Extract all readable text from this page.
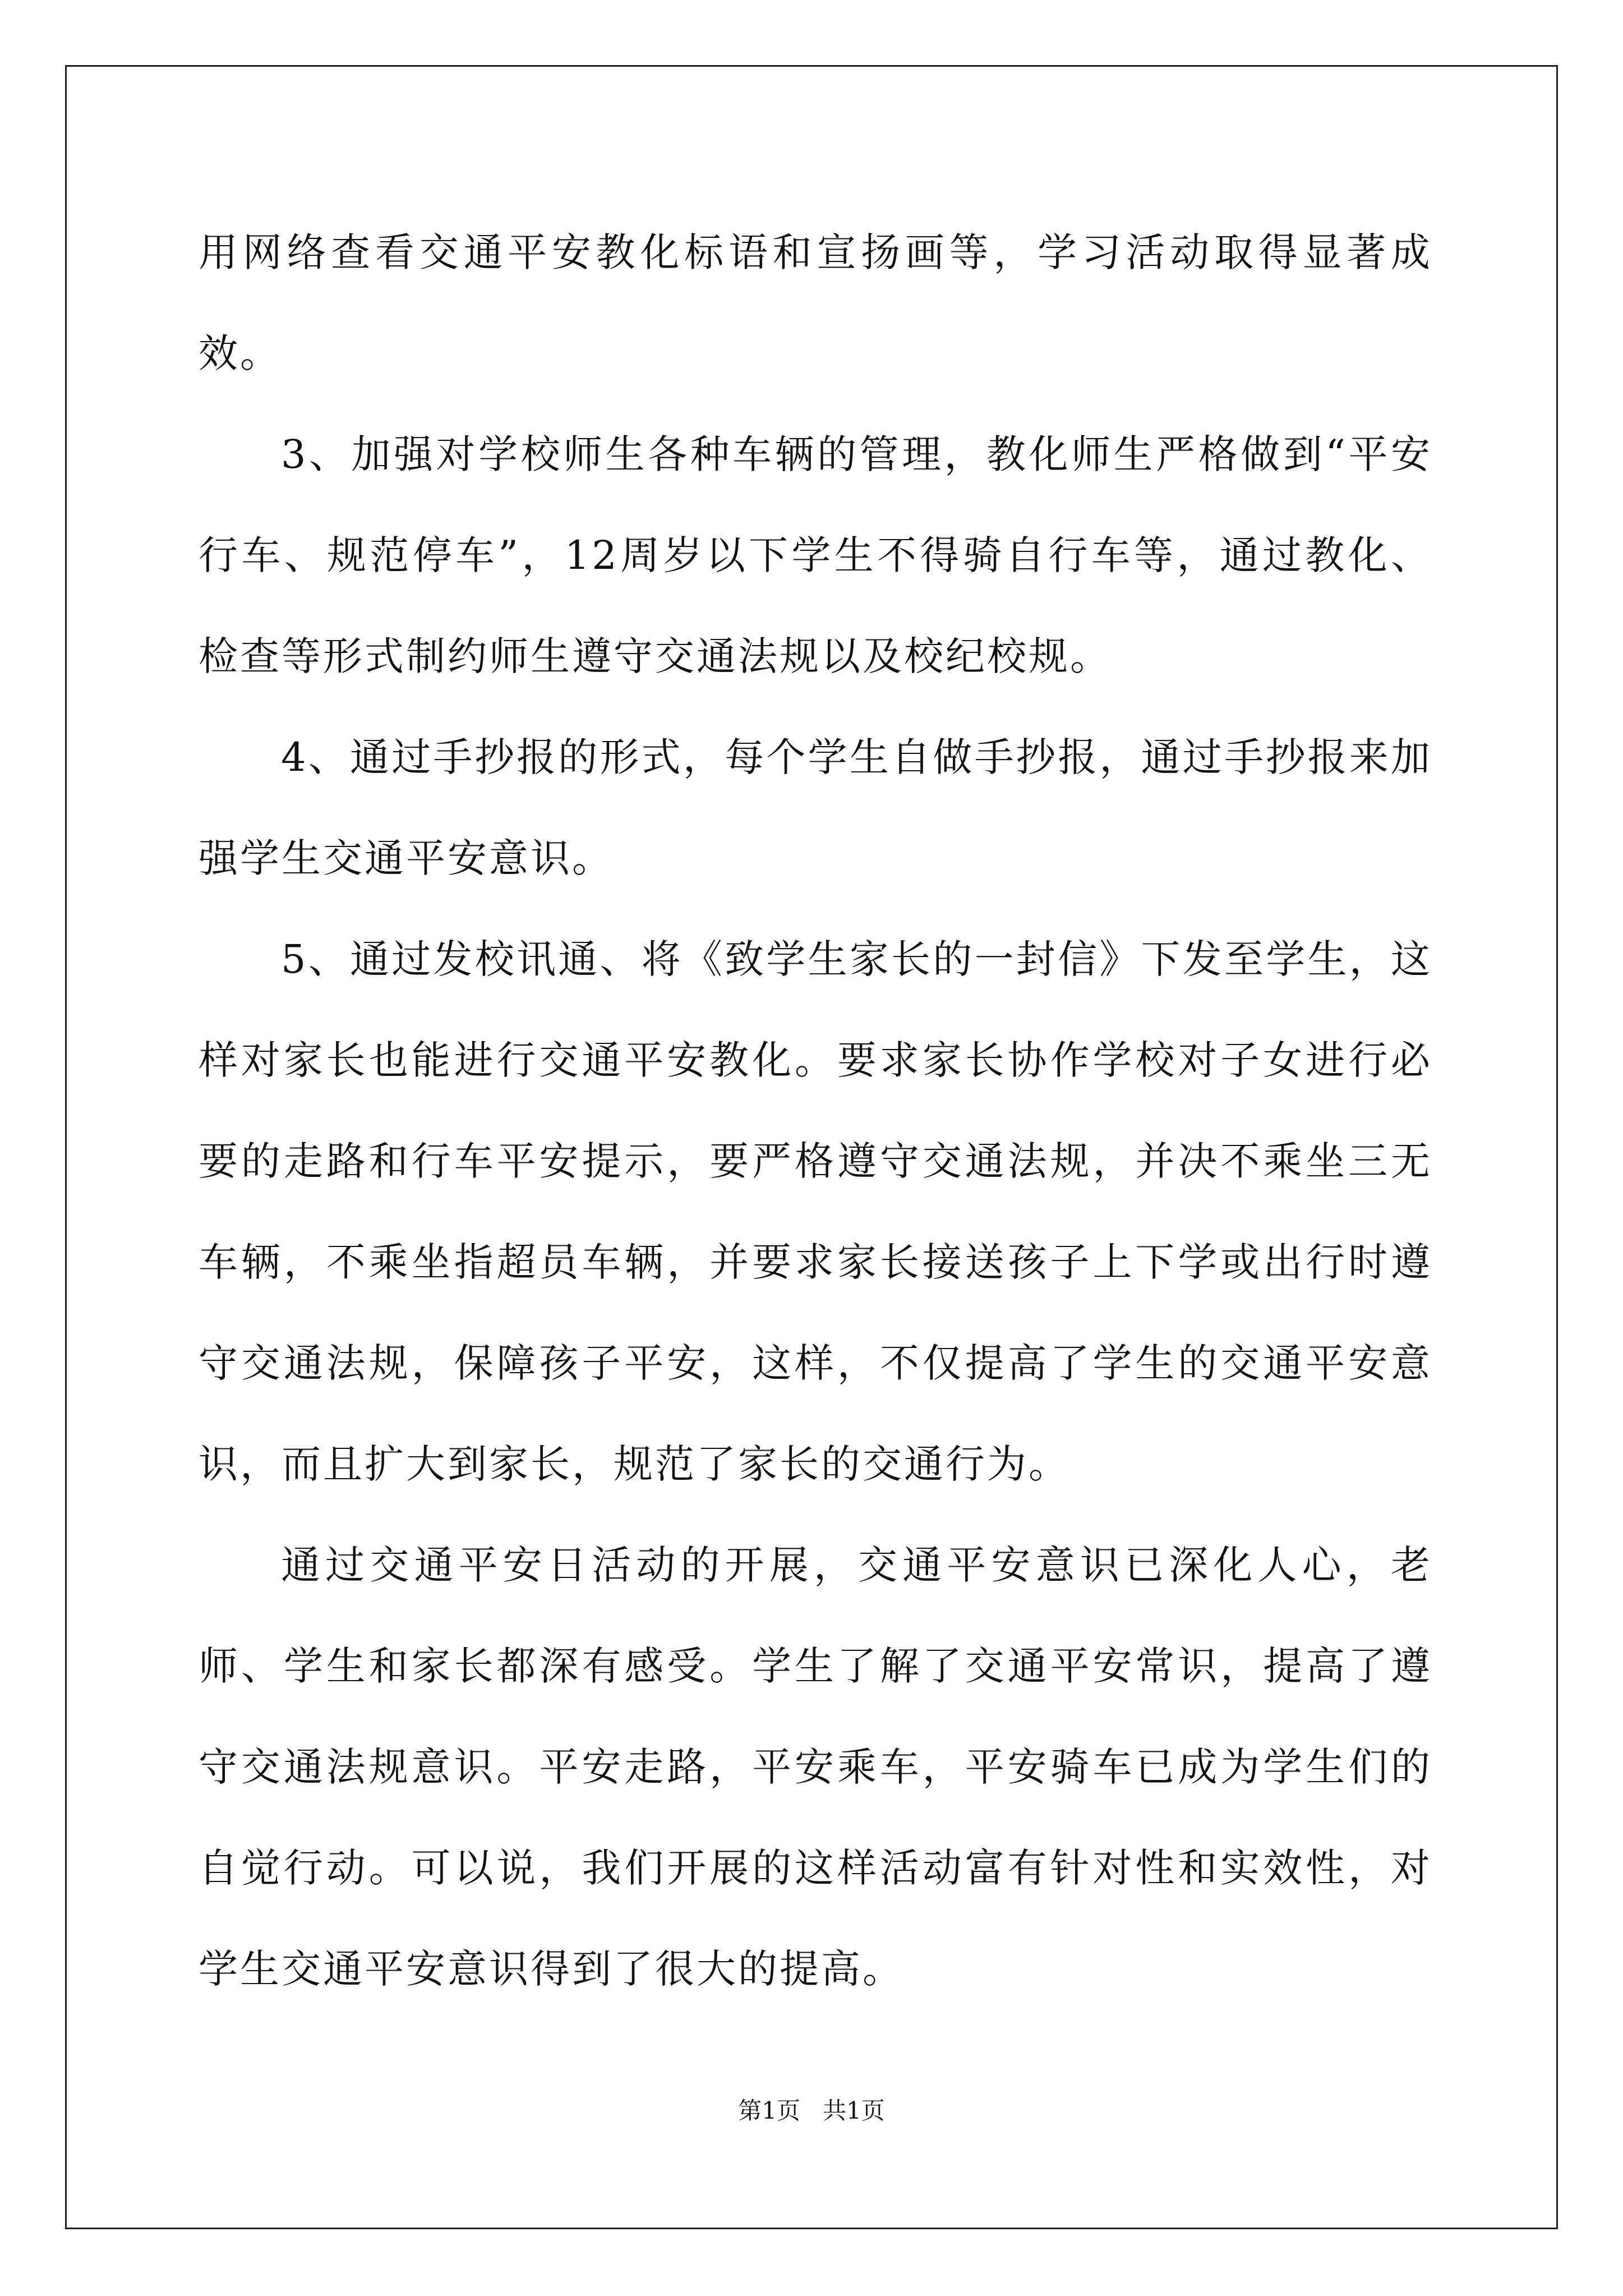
用网络查看交通平安教化标语和宣扬画等，学习活动取得显著成效。

3、加强对学校师生各种车辆的管理，教化师生严格做到“平安行车、规范停车”，12周岁以下学生不得骑自行车等，通过教化、检查等形式制约师生遵守交通法规以及校纪校规。

4、通过手抄报的形式，每个学生自做手抄报，通过手抄报来加强学生交通平安意识。

5、通过发校讯通、将《致学生家长的一封信》下发至学生，这样对家长也能进行交通平安教化。要求家长协作学校对子女进行必要的走路和行车平安提示，要严格遵守交通法规，并决不乘坐三无车辆，不乘坐指超员车辆，并要求家长接送孩子上下学或出行时遵守交通法规，保障孩子平安，这样，不仅提高了学生的交通平安意识，而且扩大到家长，规范了家长的交通行为。

通过交通平安日活动的开展，交通平安意识已深化人心，老师、学生和家长都深有感受。学生了解了交通平安常识，提高了遵守交通法规意识。平安走路，平安乘车，平安骑车已成为学生们的自觉行动。可以说，我们开展的这样活动富有针对性和实效性，对学生交通平安意识得到了很大的提高。

第1页   共1页
